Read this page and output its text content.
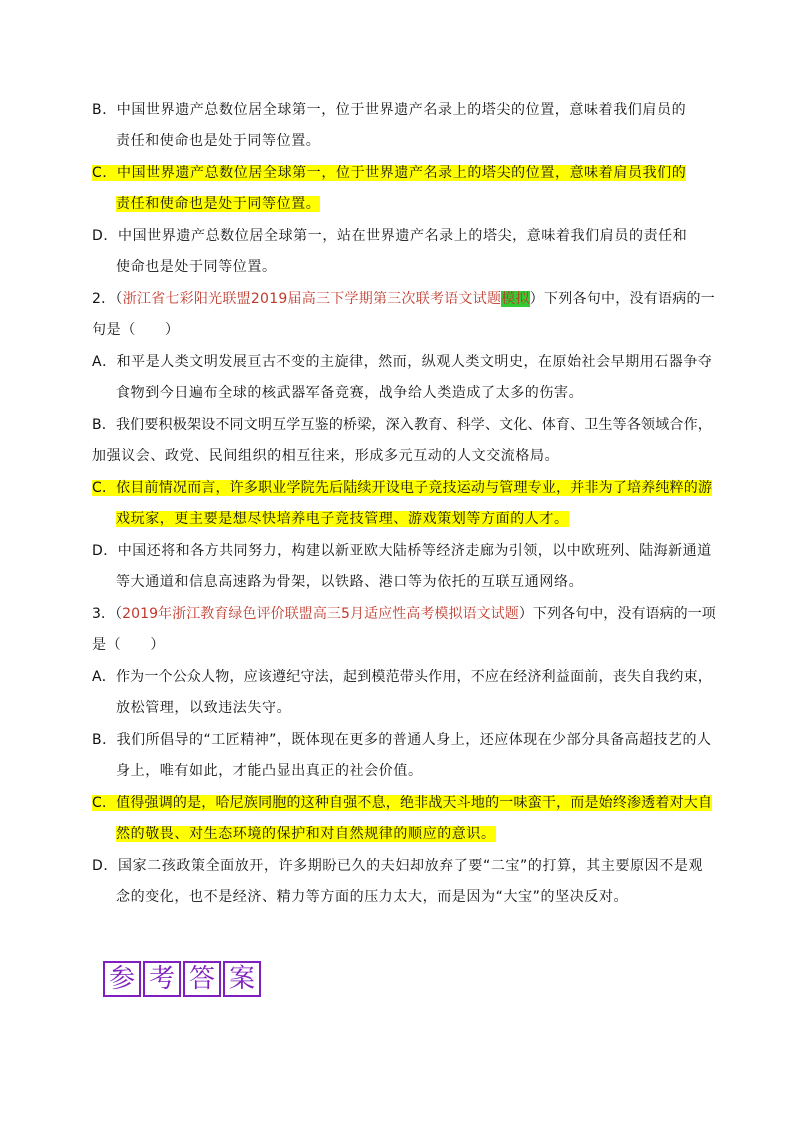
B．中国世界遗产总数位居全球第一，位于世界遗产名录上的塔尖的位置，意味着我们肩员的
责任和使命也是处于同等位置。
C．中国世界遗产总数位居全球第一，位于世界遗产名录上的塔尖的位置，意味着肩员我们的
责任和使命也是处于同等位置。
D．中国世界遗产总数位居全球第一，站在世界遗产名录上的塔尖，意味着我们肩员的责任和
使命也是处于同等位置。
2．（浙江省七彩阳光联盟2019届高三下学期第三次联考语文试题模拟）下列各句中，没有语病的一
句是（　　）
A．和平是人类文明发展亘古不变的主旋律，然而，纵观人类文明史，在原始社会早期用石器争夺
食物到今日遍布全球的核武器军备竞赛，战争给人类造成了太多的伤害。
B．我们要积极架设不同文明互学互鉴的桥梁，深入教育、科学、文化、体育、卫生等各领域合作，
加强议会、政党、民间组织的相互往来，形成多元互动的人文交流格局。
C．依目前情况而言，许多职业学院先后陆续开设电子竞技运动与管理专业，并非为了培养纯粹的游
戏玩家，更主要是想尽快培养电子竞技管理、游戏策划等方面的人才。
D．中国还将和各方共同努力，构建以新亚欧大陆桥等经济走廊为引领，以中欧班列、陆海新通道
等大通道和信息高速路为骨架，以铁路、港口等为依托的互联互通网络。
3．（2019年浙江教育绿色评价联盟高三5月适应性高考模拟语文试题）下列各句中，没有语病的一项
是（　　）
A．作为一个公众人物，应该遵纪守法，起到模范带头作用，不应在经济利益面前，丧失自我约束，
放松管理，以致违法失守。
B．我们所倡导的“工匠精神”，既体现在更多的普通人身上，还应体现在少部分具备高超技艺的人
身上，唯有如此，才能凸显出真正的社会价值。
C．值得强调的是，哈尼族同胞的这种自强不息，绝非战天斗地的一味蛮干，而是始终渗透着对大自
然的敬畏、对生态环境的保护和对自然规律的顺应的意识。
D．国家二孩政策全面放开，许多期盼已久的夫妇却放弃了要“二宝”的打算，其主要原因不是观
念的变化，也不是经济、精力等方面的压力太大，而是因为“大宝”的坚决反对。
参 考 答 案
